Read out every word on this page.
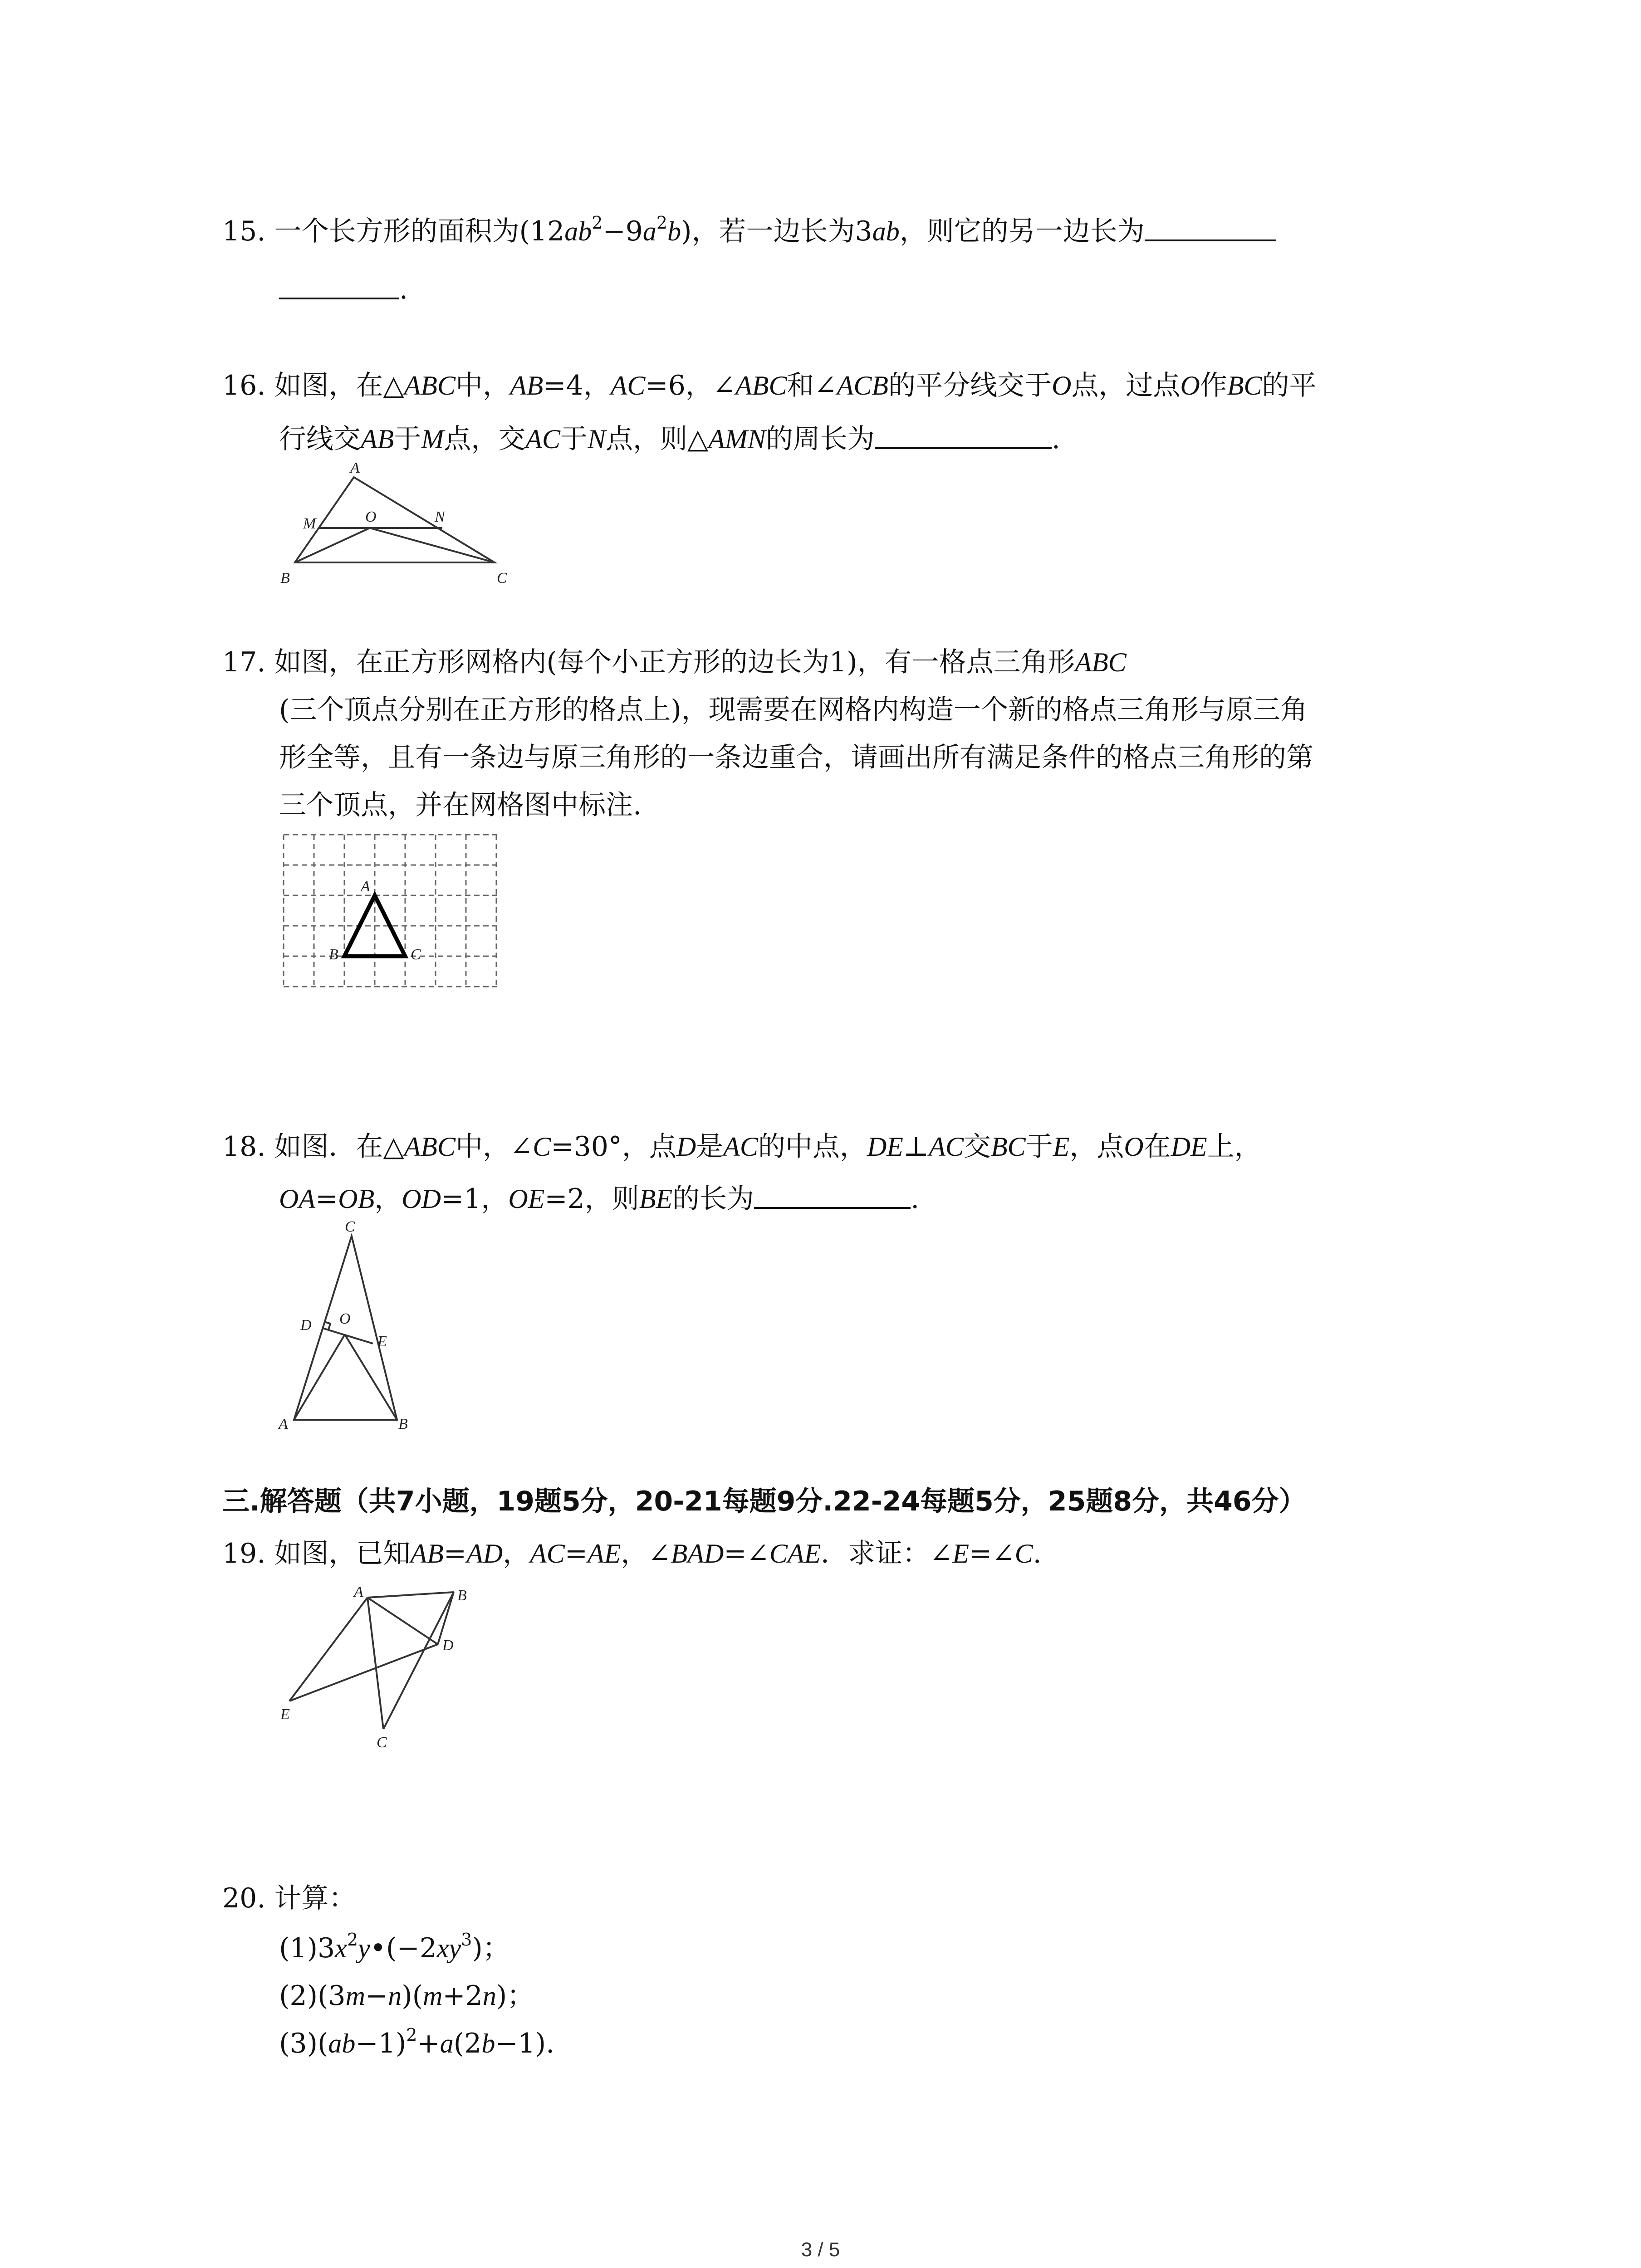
15. 一个长方形的面积为$(12ab^2-9a^2b)$，若一边长为3ab，则它的另一边长为
.
16. 如图，在△ABC中，AB=4，AC=6，∠ABC和∠ACB的平分线交于O点，过点O作BC的平
行线交AB于M点，交AC于N点，则△AMN的周长为	.
A
M	O	N
B	C
17. 如图，在正方形网格内(每个小正方形的边长为1)，有一格点三角形ABC
(三个顶点分别在正方形的格点上)，现需要在网格内构造一个新的格点三角形与原三角
形全等，且有一条边与原三角形的一条边重合，请画出所有满足条件的格点三角形的第
三个顶点，并在网格图中标注.
A
B	C
18. 如图．在△ABC中，∠C=30°，点D是AC的中点，DE⊥AC交BC于E，点O在DE上，
OA=OB，OD=1，OE=2，则BE的长为	.
C
D O
E
A	B
三.解答题（共7小题，19题5分，20-21每题9分.22-24每题5分，25题8分，共46分）
19. 如图，已知AB=AD，AC=AE，∠BAD=∠CAE．求证：∠E=∠C.
A	B
D
E
C
20. 计算：
$(1)3x^2y•(-2xy^3)$；
(2)(3m−n)(m+2n)；
$(3)(ab-1)^2+a(2b-1)$.
3 / 5
